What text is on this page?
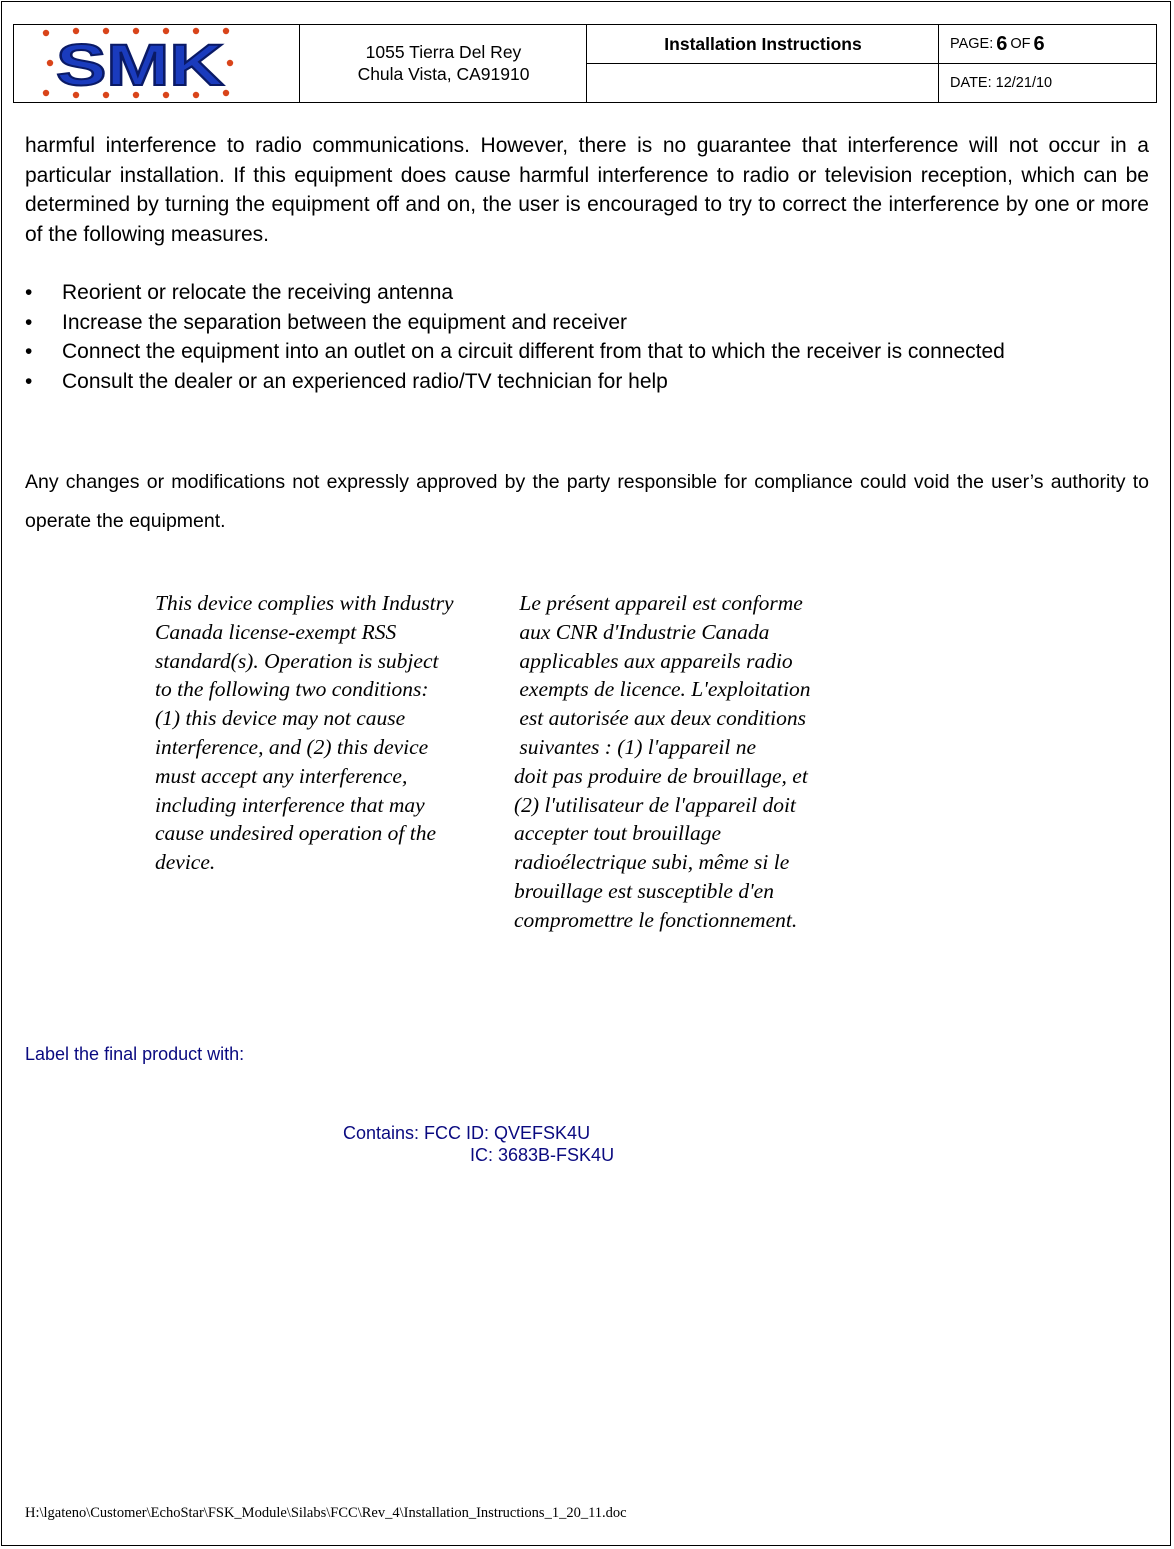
SMK	1055 Tierra Del Rey
Chula Vista, CA91910
Installation Instructions	PAGE: 6 OF 6
DATE: 12/21/10
harmful interference to radio communications. However, there is no guarantee that interference will not occur in a particular installation. If this equipment does cause harmful interference to radio or television reception, which can be determined by turning the equipment off and on, the user is encouraged to try to correct the interference by one or more of the following measures.
• Reorient or relocate the receiving antenna
• Increase the separation between the equipment and receiver
• Connect the equipment into an outlet on a circuit different from that to which the receiver is connected
• Consult the dealer or an experienced radio/TV technician for help
Any changes or modifications not expressly approved by the party responsible for compliance could void the user’s authority to operate the equipment.
This device complies with Industry
Canada license-exempt RSS
standard(s). Operation is subject
to the following two conditions:
(1) this device may not cause
interference, and (2) this device
must accept any interference,
including interference that may
cause undesired operation of the
device.
Le présent appareil est conforme
aux CNR d'Industrie Canada
applicables aux appareils radio
exempts de licence. L'exploitation
est autorisée aux deux conditions
suivantes : (1) l'appareil ne
doit pas produire de brouillage, et
(2) l'utilisateur de l'appareil doit
accepter tout brouillage
radioélectrique subi, même si le
brouillage est susceptible d'en
compromettre le fonctionnement.
Label the final product with:
Contains: FCC ID: QVEFSK4U
IC: 3683B-FSK4U
H:\lgateno\Customer\EchoStar\FSK_Module\Silabs\FCC\Rev_4\Installation_Instructions_1_20_11.doc
